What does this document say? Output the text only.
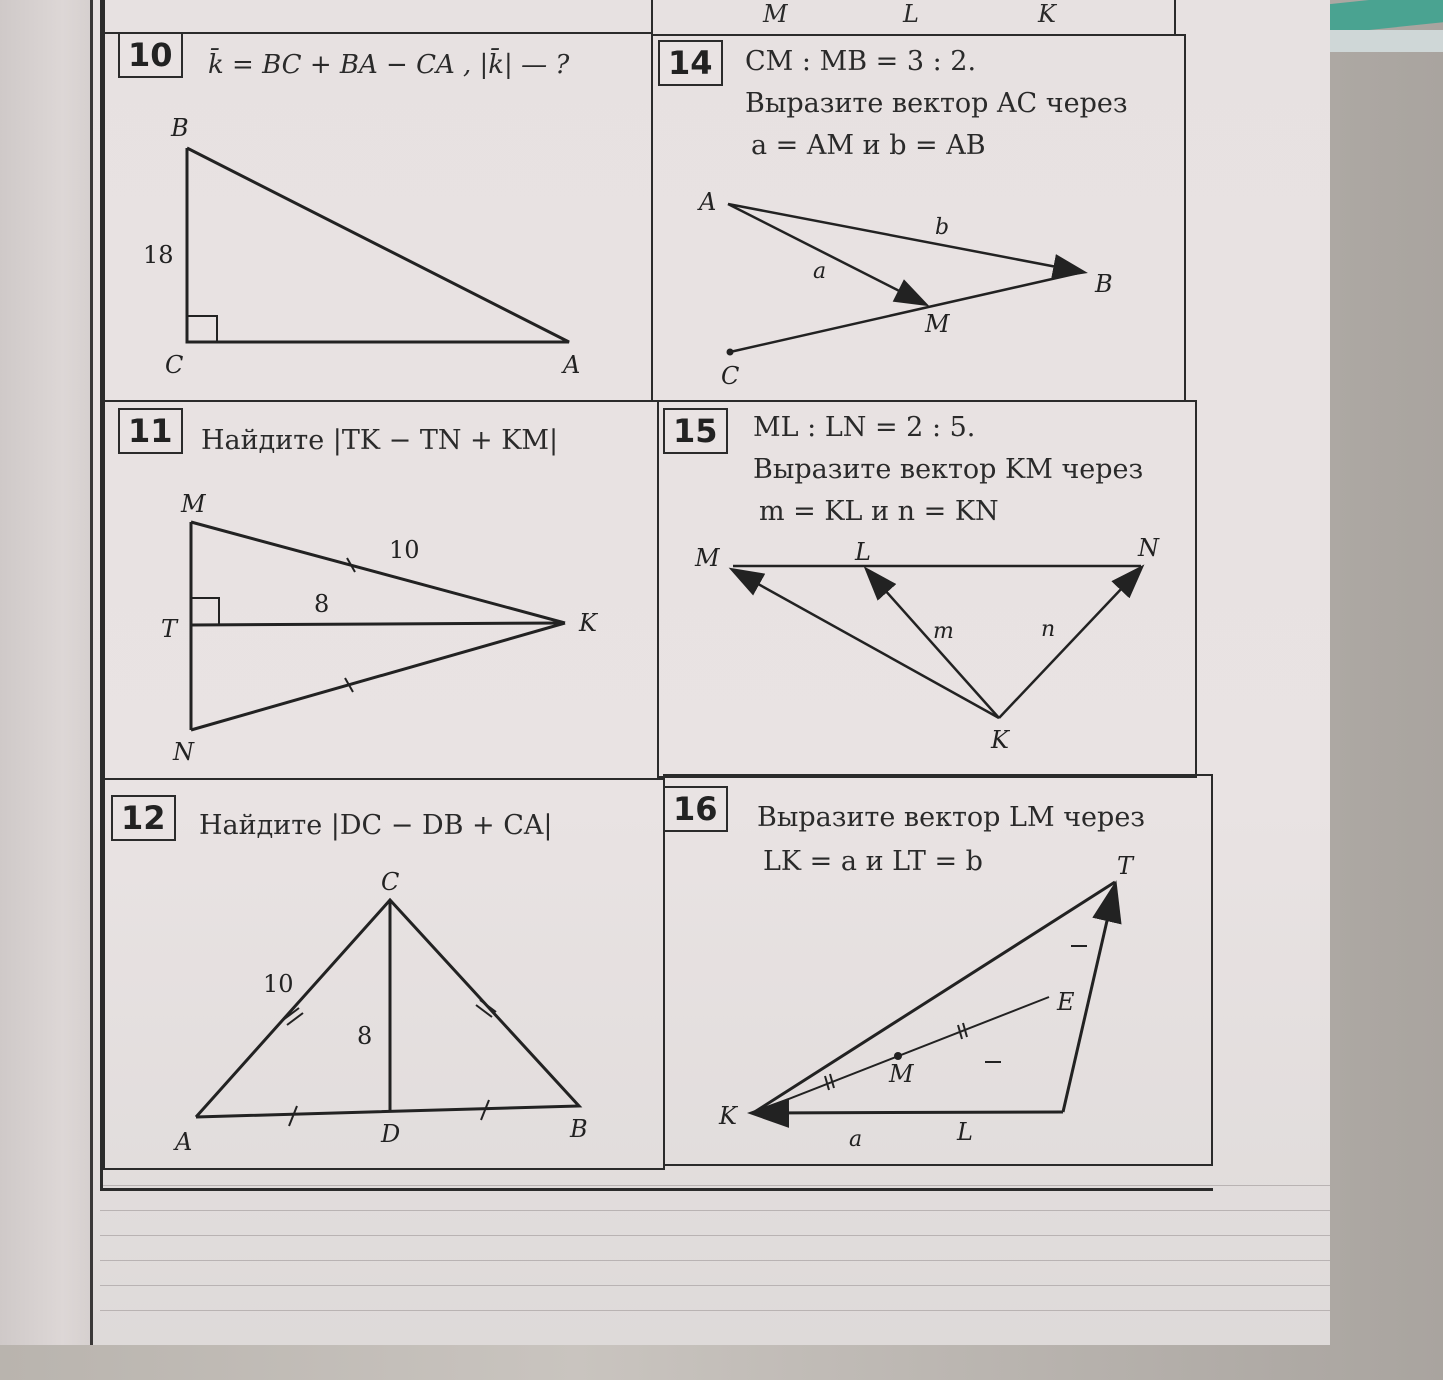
M	L	K
10	k̄ = BC + BA − CA , |k̄| — ?
B
C	A
18
11	Найдите |TK − TN + KM|
M
T	K
N
10
8
12	Найдите |DC − DB + CA|
C
A	D	B
10
8
14	CM : MB = 3 : 2.
Выразите вектор AC через
a = AM и b = AB
A
B
M
C
a
b
15	ML : LN = 2 : 5.
Выразите вектор KM через
m = KL и n = KN
M	L	N
K
m	n
16	Выразите вектор LM через
LK = a и LT = b	T
E
M
K
L
a
